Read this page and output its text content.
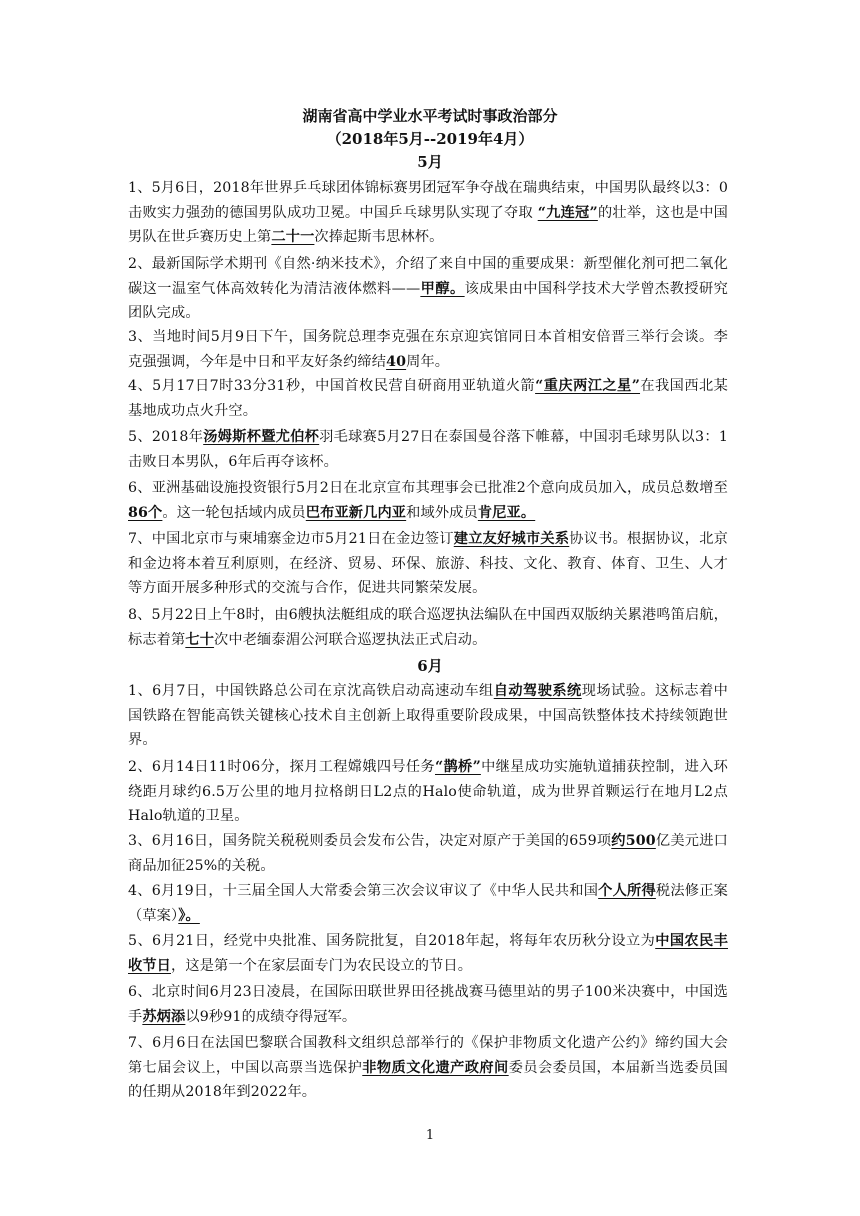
湖南省高中学业水平考试时事政治部分
（2018年5月--2019年4月）
5月
1、5月6日，2018年世界乒乓球团体锦标赛男团冠军争夺战在瑞典结束，中国男队最终以3：0击败实力强劲的德国男队成功卫冕。中国乒乓球男队实现了夺取 “九连冠”的壮举，这也是中国男队在世乒赛历史上第二十一次捧起斯韦思林杯。
2、最新国际学术期刊《自然·纳米技术》，介绍了来自中国的重要成果：新型催化剂可把二氧化碳这一温室气体高效转化为清洁液体燃料——甲醇。该成果由中国科学技术大学曾杰教授研究团队完成。
3、当地时间5月9日下午，国务院总理李克强在东京迎宾馆同日本首相安倍晋三举行会谈。李克强强调，今年是中日和平友好条约缔结40周年。
4、5月17日7时33分31秒，中国首枚民营自研商用亚轨道火箭“重庆两江之星”在我国西北某基地成功点火升空。
5、2018年汤姆斯杯暨尤伯杯羽毛球赛5月27日在泰国曼谷落下帷幕，中国羽毛球男队以3：1击败日本男队，6年后再夺该杯。
6、亚洲基础设施投资银行5月2日在北京宣布其理事会已批准2个意向成员加入，成员总数增至86个。这一轮包括域内成员巴布亚新几内亚和域外成员肯尼亚。
7、中国北京市与柬埔寨金边市5月21日在金边签订建立友好城市关系协议书。根据协议，北京和金边将本着互利原则，在经济、贸易、环保、旅游、科技、文化、教育、体育、卫生、人才等方面开展多种形式的交流与合作，促进共同繁荣发展。
8、5月22日上午8时，由6艘执法艇组成的联合巡逻执法编队在中国西双版纳关累港鸣笛启航，标志着第七十次中老缅泰湄公河联合巡逻执法正式启动。
6月
1、6月7日，中国铁路总公司在京沈高铁启动高速动车组自动驾驶系统现场试验。这标志着中国铁路在智能高铁关键核心技术自主创新上取得重要阶段成果，中国高铁整体技术持续领跑世界。
2、6月14日11时06分，探月工程嫦娥四号任务“鹊桥”中继星成功实施轨道捕获控制，进入环绕距月球约6.5万公里的地月拉格朗日L2点的Halo使命轨道，成为世界首颗运行在地月L2点Halo轨道的卫星。
3、6月16日，国务院关税税则委员会发布公告，决定对原产于美国的659项约500亿美元进口商品加征25%的关税。
4、6月19日，十三届全国人大常委会第三次会议审议了《中华人民共和国个人所得税法修正案（草案）》。
5、6月21日，经党中央批准、国务院批复，自2018年起，将每年农历秋分设立为中国农民丰收节日，这是第一个在家层面专门为农民设立的节日。
6、北京时间6月23日凌晨，在国际田联世界田径挑战赛马德里站的男子100米决赛中，中国选手苏炳添以9秒91的成绩夺得冠军。
7、6月6日在法国巴黎联合国教科文组织总部举行的《保护非物质文化遗产公约》缔约国大会第七届会议上，中国以高票当选保护非物质文化遗产政府间委员会委员国，本届新当选委员国的任期从2018年到2022年。
1
